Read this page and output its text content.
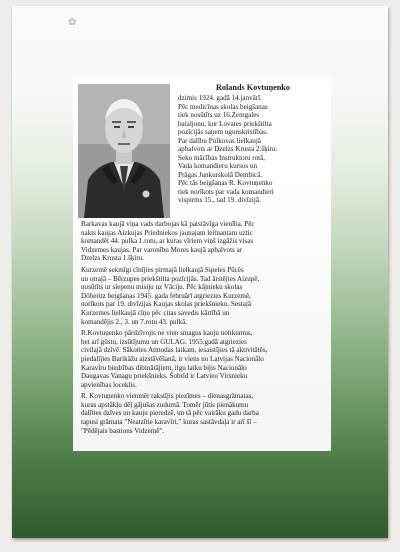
✿
Rolands Kovtuņenko
dzimis 1924. gadā 14.janvārī.
Pēc medicīnas skolas beigšanas
tiek nosūtīts uz 16.Zemgales
bataljonu, kur Lovates priekštilta
pozīcijās saņem ugunskristības.
Par dalību Pulkovas lielkaujā
apbalvots ar Dzelzs Krusta 2.šķiru.
Seko mācības Instruktoru rotā,
Vada komandieru kursos un
Prāgas Junkurskolā Dembicā.
Pēc tās beigšanas R. Kovtuņenko
tiek norīkots par vada komandieri
vispirms 15., tad 19. divīzijā.
Barkavas kaujā viņa vads darbojas kā patstāvīga vienība. Pēc
nakts kaujas Aizkujas Priedniekos jaunajam leitnantam uztic
komandēt 44. pulka 1.rotu, ar kuras vīriem viņš izgāžis visas
Vidzemes kaujas. Par varonību Mores kaujā apbalvots ar
Dzelzs Krusta 1.šķiru.
Kurzemē sekmīgi cīnījies pirmajā lielkaujā Sipeles Pūcēs
un otrajā – Bērzupes priekštilta pozīcijās. Tad ārstējies Aizupē,
nosūtīts ur slepenu misiju uz Vāciju. Pēc kājnieku skolas
Döberitz beigšanas 1945. gada februārī atgriezies Kurzemē,
norīkots par 19. divīzijas Kaujas skolas priekšnieku. Sestajā
Kurzemes lielkaujā cīņu pēc citas savedis kārtībā un
komandējis 2., 3. un 7.rotu 43. pulkā.
R.Kovtuņenko pārdzīvojis ne vien smagus kauju notikumus,
bet arī gūstu, izsūtījumu un GULAG. 1955.gadā atgriezies
civilajā dzīvē. Sākoties Atmodas laikam, iesaistījies tā aktivitātēs,
piedalījies Barikāžu aizstāvēšanā, ir viens no Latvijas Nacionālo
Karavīru biedrības dibinātājiem, ilgu laiku bijis Nacionālo
Daugavas Vanagu priekšnieks. Šobrīd ir Latvieu Virsnieku
apvienības loceklis.
R. Kovtuņenko vienmēr rakstījis piezīmes – dienasgrāmatas,
kuras apstākļu dēļ gājušas zudumā. Tomēr jūtis pienākumu
dalīties dzīves un kauju pieredzē, un tā pēc vairāku gadu darba
tapusi grāmata "Neatzītie karavīri," kuras sastāvdaļa ir arī šī –
"Pēdējais bastions Vidzemē".
